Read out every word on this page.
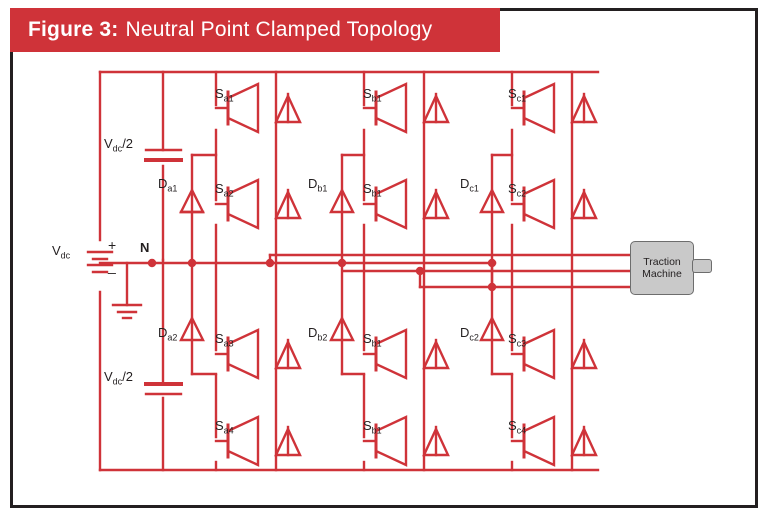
Figure 3: Neutral Point Clamped Topology
$V_{dc}$
+
_
N
$V_{dc}/2$
$V_{dc}/2$
$S_{a1}$
$S_{a2}$
$S_{a3}$
$S_{a4}$
$S_{b1}$
$S_{b1}$
$S_{b1}$
$S_{b1}$
$S_{c1}$
$S_{c2}$
$S_{c3}$
$S_{c4}$
$D_{a1}$
$D_{a2}$
$D_{b1}$
$D_{b2}$
$D_{c1}$
$D_{c2}$
Traction
Machine
